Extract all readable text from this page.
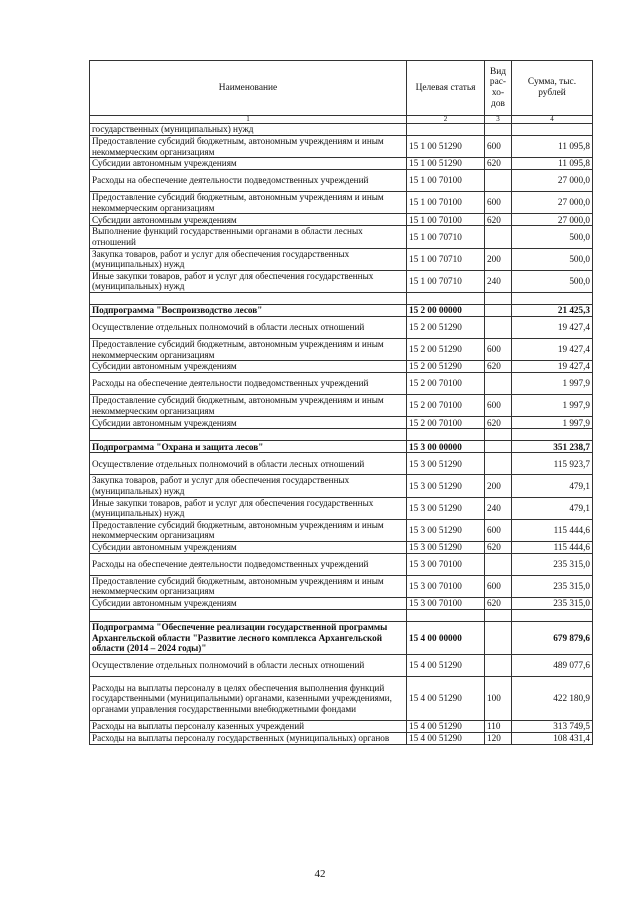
Наименование	Целевая статья	Вид рас-хо-дов	Сумма, тыс. рублей
1	2	3	4
государственных (муниципальных) нужд			
Предоставление субсидий бюджетным, автономным учреждениям и иным некоммерческим организациям	15 1 00 51290	600	11 095,8
Субсидии автономным учреждениям	15 1 00 51290	620	11 095,8
Расходы на обеспечение деятельности подведомственных учреждений	15 1 00 70100		27 000,0
Предоставление субсидий бюджетным, автономным учреждениям и иным некоммерческим организациям	15 1 00 70100	600	27 000,0
Субсидии автономным учреждениям	15 1 00 70100	620	27 000,0
Выполнение функций государственными органами в области лесных отношений	15 1 00 70710		500,0
Закупка товаров, работ и услуг для обеспечения государственных (муниципальных) нужд	15 1 00 70710	200	500,0
Иные закупки товаров, работ и услуг для обеспечения государственных (муниципальных) нужд	15 1 00 70710	240	500,0

Подпрограмма "Воспроизводство лесов"	15 2 00 00000		21 425,3
Осуществление отдельных полномочий в области лесных отношений	15 2 00 51290		19 427,4
Предоставление субсидий бюджетным, автономным учреждениям и иным некоммерческим организациям	15 2 00 51290	600	19 427,4
Субсидии автономным учреждениям	15 2 00 51290	620	19 427,4
Расходы на обеспечение деятельности подведомственных учреждений	15 2 00 70100		1 997,9
Предоставление субсидий бюджетным, автономным учреждениям и иным некоммерческим организациям	15 2 00 70100	600	1 997,9
Субсидии автономным учреждениям	15 2 00 70100	620	1 997,9

Подпрограмма "Охрана и защита лесов"	15 3 00 00000		351 238,7
Осуществление отдельных полномочий в области лесных отношений	15 3 00 51290		115 923,7
Закупка товаров, работ и услуг для обеспечения государственных (муниципальных) нужд	15 3 00 51290	200	479,1
Иные закупки товаров, работ и услуг для обеспечения государственных (муниципальных) нужд	15 3 00 51290	240	479,1
Предоставление субсидий бюджетным, автономным учреждениям и иным некоммерческим организациям	15 3 00 51290	600	115 444,6
Субсидии автономным учреждениям	15 3 00 51290	620	115 444,6
Расходы на обеспечение деятельности подведомственных учреждений	15 3 00 70100		235 315,0
Предоставление субсидий бюджетным, автономным учреждениям и иным некоммерческим организациям	15 3 00 70100	600	235 315,0
Субсидии автономным учреждениям	15 3 00 70100	620	235 315,0

Подпрограмма "Обеспечение реализации государственной программы Архангельской области "Развитие лесного комплекса Архангельской области (2014 – 2024 годы)"	15 4 00 00000		679 879,6
Осуществление отдельных полномочий в области лесных отношений	15 4 00 51290		489 077,6
Расходы на выплаты персоналу в целях обеспечения выполнения функций государственными (муниципальными) органами, казенными учреждениями, органами управления государственными внебюджетными фондами	15 4 00 51290	100	422 180,9
Расходы на выплаты персоналу казенных учреждений	15 4 00 51290	110	313 749,5
Расходы на выплаты персоналу государственных (муниципальных) органов	15 4 00 51290	120	108 431,4
42
